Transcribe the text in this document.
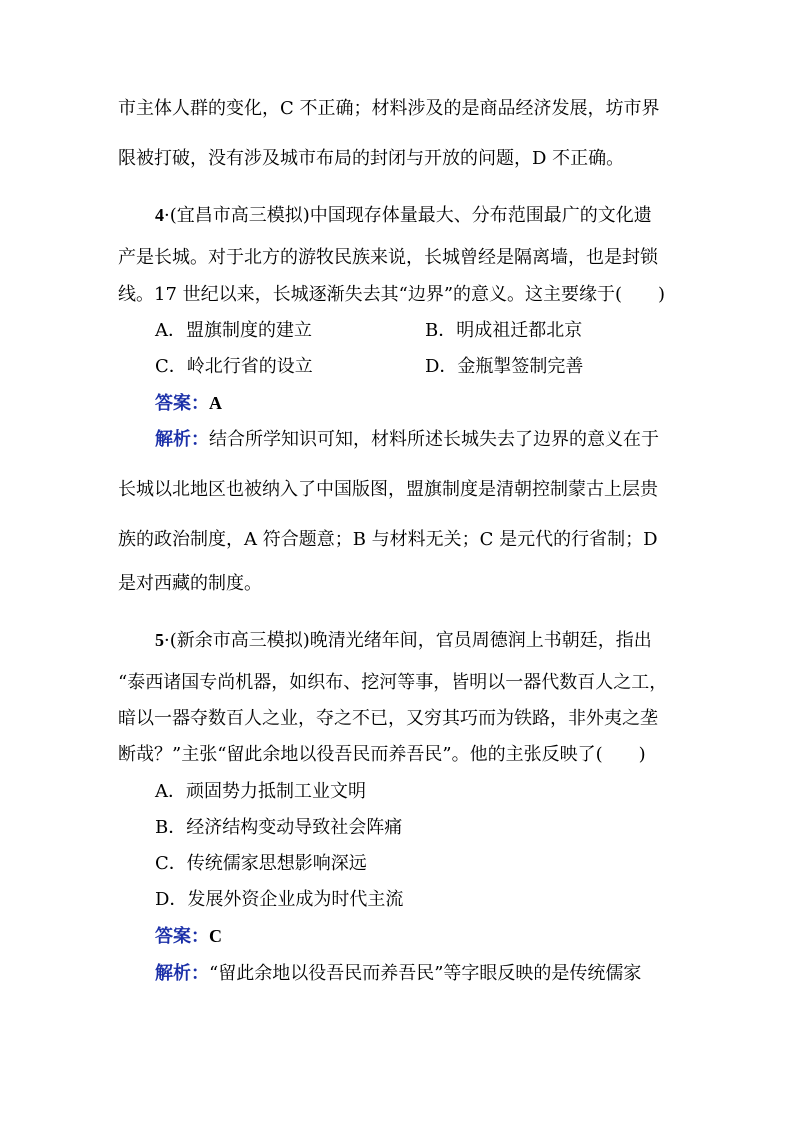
市主体人群的变化，C 不正确；材料涉及的是商品经济发展，坊市界
限被打破，没有涉及城市布局的封闭与开放的问题，D 不正确。
4·(宜昌市高三模拟)中国现存体量最大、分布范围最广的文化遗
产是长城。对于北方的游牧民族来说，长城曾经是隔离墙，也是封锁
线。17 世纪以来，长城逐渐失去其“边界”的意义。这主要缘于(　　)
A．盟旗制度的建立	B．明成祖迁都北京
C．岭北行省的设立	D．金瓶掣签制完善
答案：A
解析：结合所学知识可知，材料所述长城失去了边界的意义在于
长城以北地区也被纳入了中国版图，盟旗制度是清朝控制蒙古上层贵
族的政治制度，A 符合题意；B 与材料无关；C 是元代的行省制；D
是对西藏的制度。
5·(新余市高三模拟)晚清光绪年间，官员周德润上书朝廷，指出
“泰西诸国专尚机器，如织布、挖河等事，皆明以一器代数百人之工，
暗以一器夺数百人之业，夺之不已，又穷其巧而为铁路，非外夷之垄
断哉？”主张“留此余地以役吾民而养吾民”。他的主张反映了(　　)
A．顽固势力抵制工业文明
B．经济结构变动导致社会阵痛
C．传统儒家思想影响深远
D．发展外资企业成为时代主流
答案：C
解析：“留此余地以役吾民而养吾民”等字眼反映的是传统儒家
